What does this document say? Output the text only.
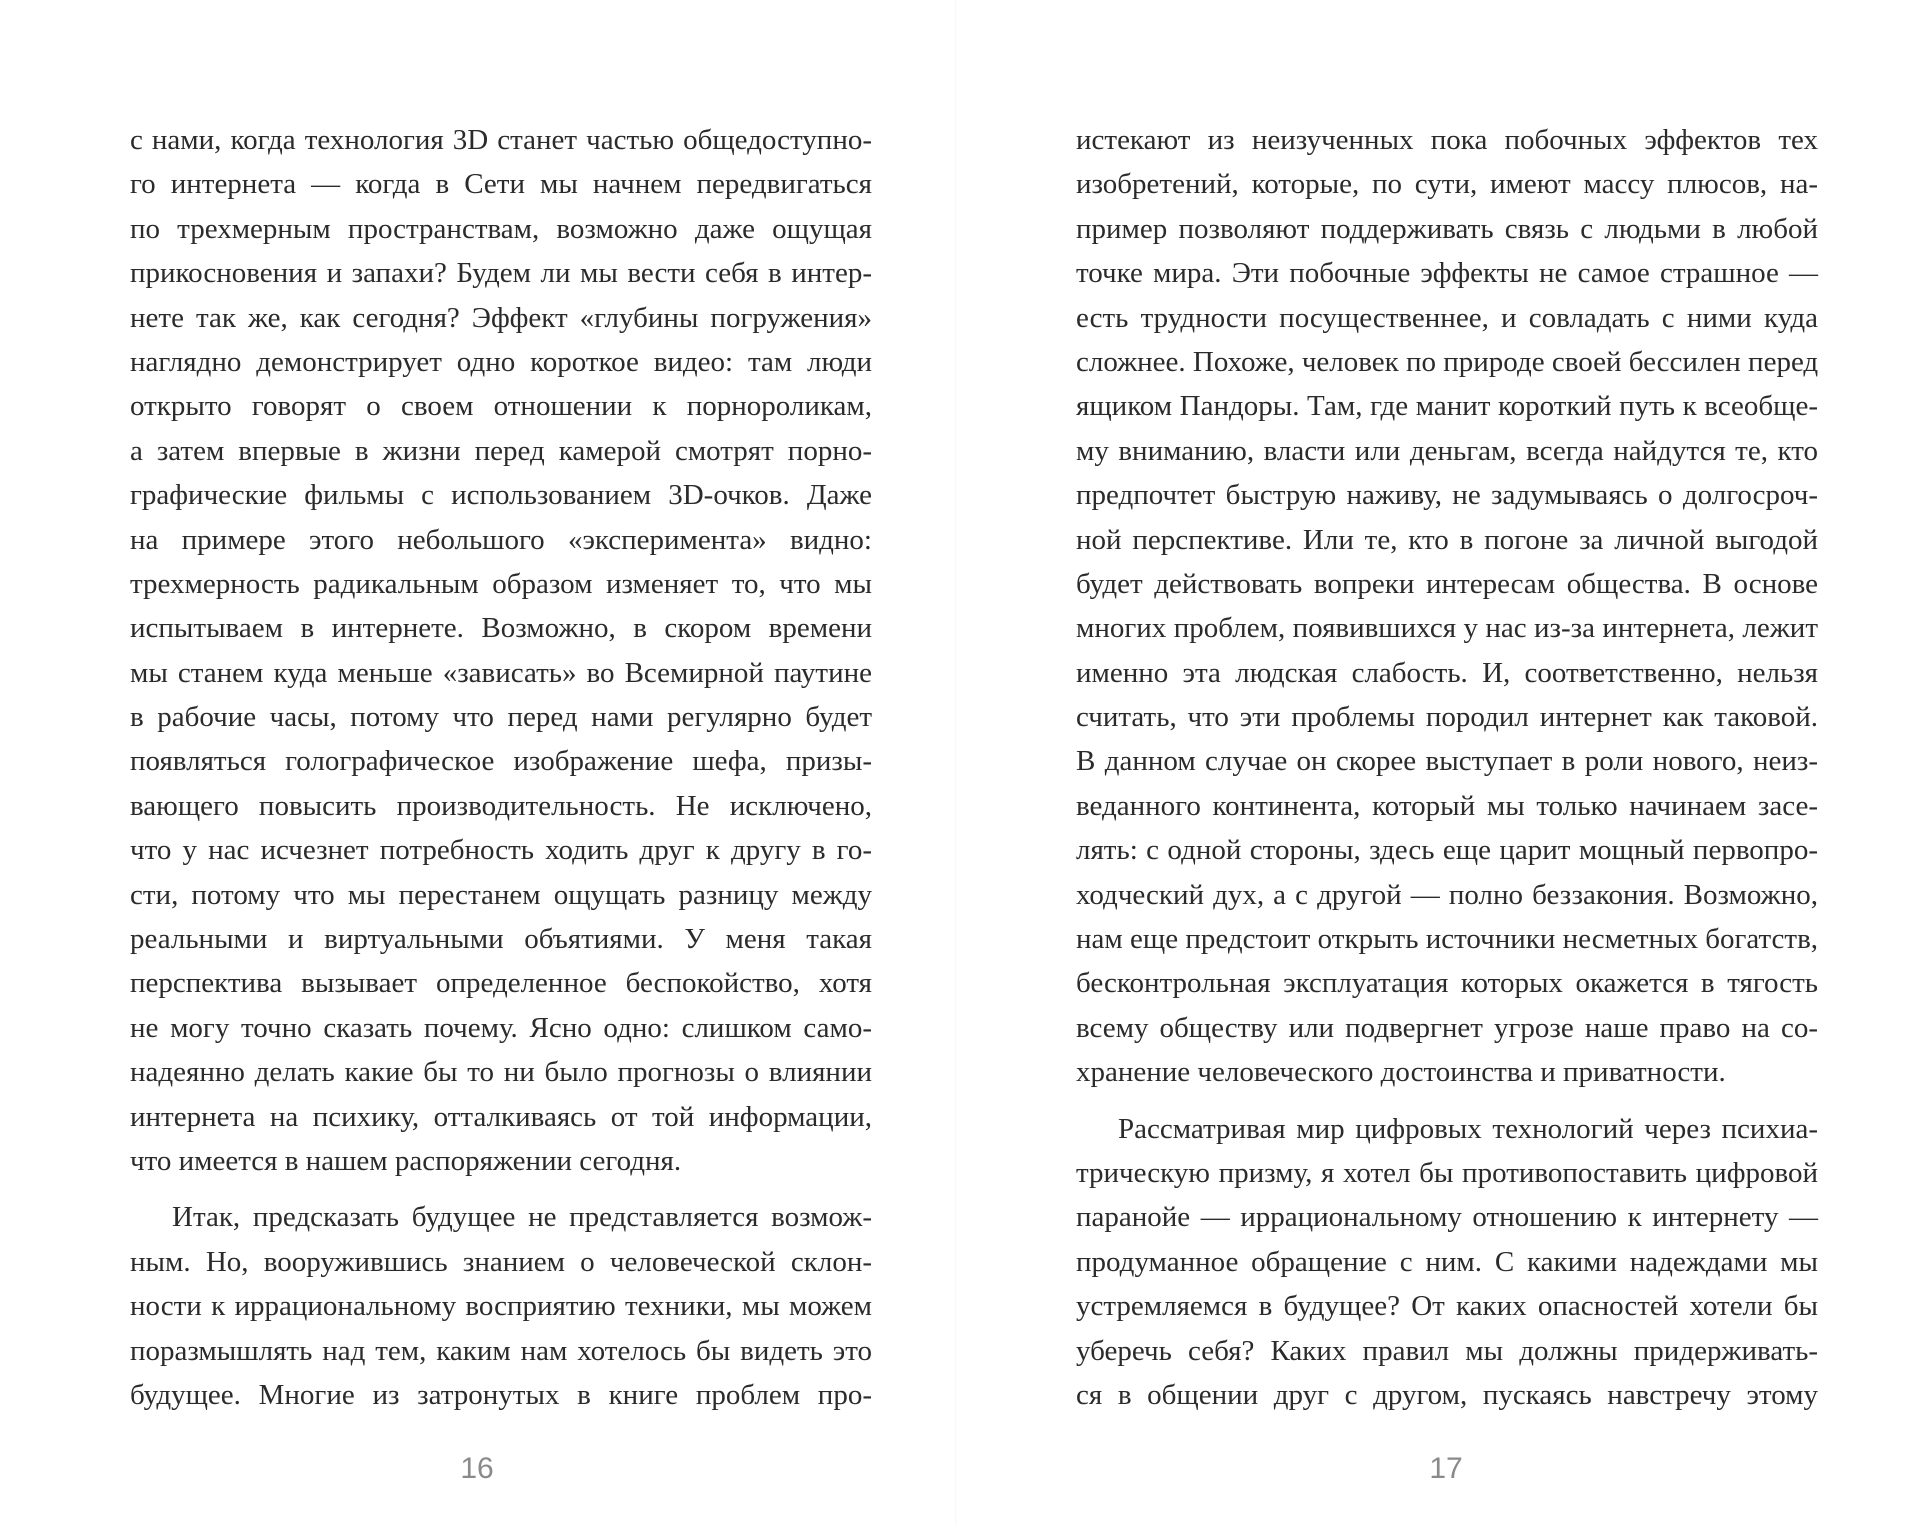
с нами, когда технология 3D станет частью общедоступно-
го интернета — когда в Сети мы начнем передвигаться
по трехмерным пространствам, возможно даже ощущая
прикосновения и запахи? Будем ли мы вести себя в интер-
нете так же, как сегодня? Эффект «глубины погружения»
наглядно демонстрирует одно короткое видео: там люди
открыто говорят о своем отношении к порнороликам,
а затем впервые в жизни перед камерой смотрят порно-
графические фильмы с использованием 3D-очков. Даже
на примере этого небольшого «эксперимента» видно:
трехмерность радикальным образом изменяет то, что мы
испытываем в интернете. Возможно, в скором времени
мы станем куда меньше «зависать» во Всемирной паутине
в рабочие часы, потому что перед нами регулярно будет
появляться голографическое изображение шефа, призы-
вающего повысить производительность. Не исключено,
что у нас исчезнет потребность ходить друг к другу в го-
сти, потому что мы перестанем ощущать разницу между
реальными и виртуальными объятиями. У меня такая
перспектива вызывает определенное беспокойство, хотя
не могу точно сказать почему. Ясно одно: слишком само-
надеянно делать какие бы то ни было прогнозы о влиянии
интернета на психику, отталкиваясь от той информации,
что имеется в нашем распоряжении сегодня.
Итак, предсказать будущее не представляется возмож-
ным. Но, вооружившись знанием о человеческой склон-
ности к иррациональному восприятию техники, мы можем
поразмышлять над тем, каким нам хотелось бы видеть это
будущее. Многие из затронутых в книге проблем про-
истекают из неизученных пока побочных эффектов тех
изобретений, которые, по сути, имеют массу плюсов, на-
пример позволяют поддерживать связь с людьми в любой
точке мира. Эти побочные эффекты не самое страшное —
есть трудности посущественнее, и совладать с ними куда
сложнее. Похоже, человек по природе своей бессилен перед
ящиком Пандоры. Там, где манит короткий путь к всеобще-
му вниманию, власти или деньгам, всегда найдутся те, кто
предпочтет быструю наживу, не задумываясь о долгосроч-
ной перспективе. Или те, кто в погоне за личной выгодой
будет действовать вопреки интересам общества. В основе
многих проблем, появившихся у нас из-за интернета, лежит
именно эта людская слабость. И, соответственно, нельзя
считать, что эти проблемы породил интернет как таковой.
В данном случае он скорее выступает в роли нового, неиз-
веданного континента, который мы только начинаем засе-
лять: с одной стороны, здесь еще царит мощный первопро-
ходческий дух, а с другой — полно беззакония. Возможно,
нам еще предстоит открыть источники несметных богатств,
бесконтрольная эксплуатация которых окажется в тягость
всему обществу или подвергнет угрозе наше право на со-
хранение человеческого достоинства и приватности.
Рассматривая мир цифровых технологий через психиа-
трическую призму, я хотел бы противопоставить цифровой
паранойе — иррациональному отношению к интернету —
продуманное обращение с ним. С какими надеждами мы
устремляемся в будущее? От каких опасностей хотели бы
уберечь себя? Каких правил мы должны придерживать-
ся в общении друг с другом, пускаясь навстречу этому
16	17
